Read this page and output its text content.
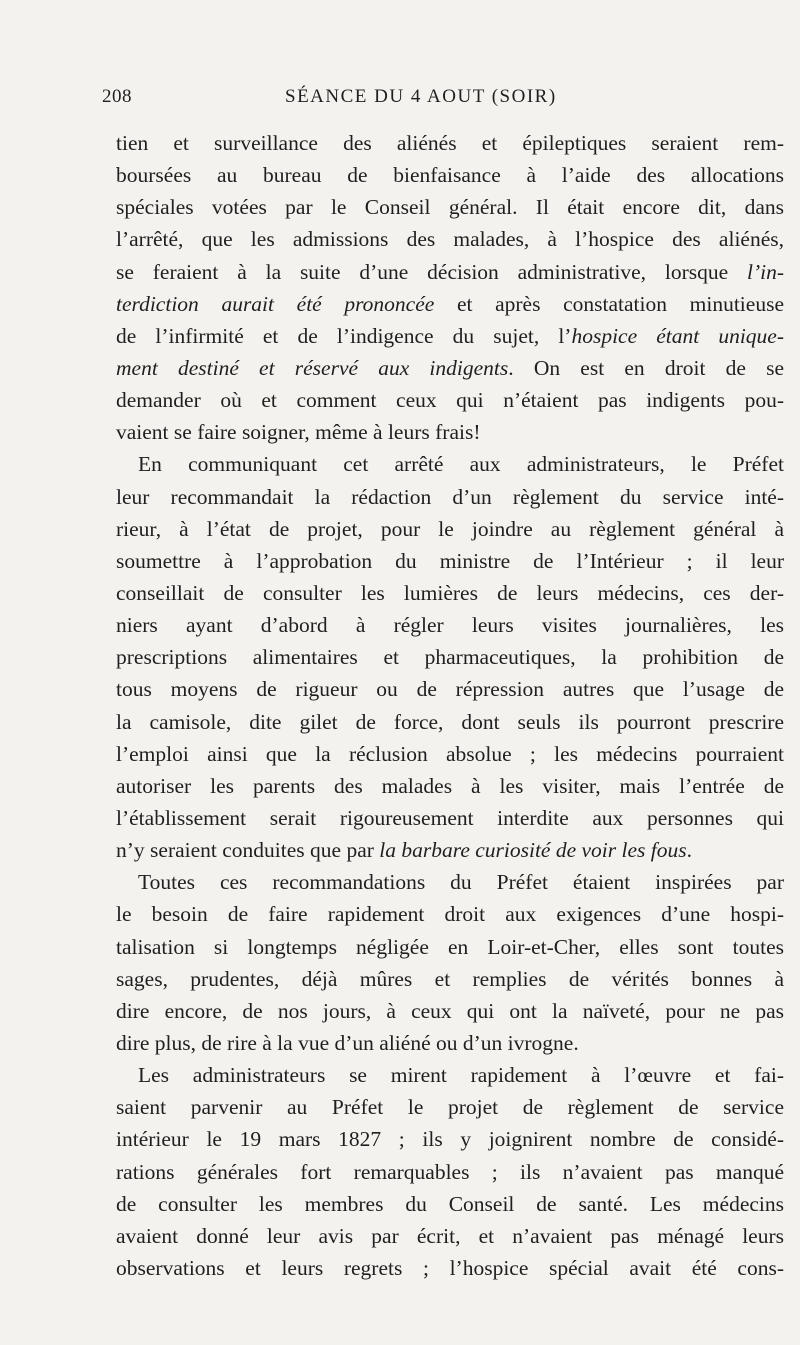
208	SÉANCE DU 4 AOUT (SOIR)
tien et surveillance des aliénés et épileptiques seraient rem-
boursées au bureau de bienfaisance à l’aide des allocations
spéciales votées par le Conseil général. Il était encore dit, dans
l’arrêté, que les admissions des malades, à l’hospice des aliénés,
se feraient à la suite d’une décision administrative, lorsque l’in-
terdiction aurait été prononcée et après constatation minutieuse
de l’infirmité et de l’indigence du sujet, l’hospice étant unique-
ment destiné et réservé aux indigents. On est en droit de se
demander où et comment ceux qui n’étaient pas indigents pou-
vaient se faire soigner, même à leurs frais!
En communiquant cet arrêté aux administrateurs, le Préfet
leur recommandait la rédaction d’un règlement du service inté-
rieur, à l’état de projet, pour le joindre au règlement général à
soumettre à l’approbation du ministre de l’Intérieur ; il leur
conseillait de consulter les lumières de leurs médecins, ces der-
niers ayant d’abord à régler leurs visites journalières, les
prescriptions alimentaires et pharmaceutiques, la prohibition de
tous moyens de rigueur ou de répression autres que l’usage de
la camisole, dite gilet de force, dont seuls ils pourront prescrire
l’emploi ainsi que la réclusion absolue ; les médecins pourraient
autoriser les parents des malades à les visiter, mais l’entrée de
l’établissement serait rigoureusement interdite aux personnes qui
n’y seraient conduites que par la barbare curiosité de voir les fous.
Toutes ces recommandations du Préfet étaient inspirées par
le besoin de faire rapidement droit aux exigences d’une hospi-
talisation si longtemps négligée en Loir-et-Cher, elles sont toutes
sages, prudentes, déjà mûres et remplies de vérités bonnes à
dire encore, de nos jours, à ceux qui ont la naïveté, pour ne pas
dire plus, de rire à la vue d’un aliéné ou d’un ivrogne.
Les administrateurs se mirent rapidement à l’œuvre et fai-
saient parvenir au Préfet le projet de règlement de service
intérieur le 19 mars 1827 ; ils y joignirent nombre de considé-
rations générales fort remarquables ; ils n’avaient pas manqué
de consulter les membres du Conseil de santé. Les médecins
avaient donné leur avis par écrit, et n’avaient pas ménagé leurs
observations et leurs regrets ; l’hospice spécial avait été cons-
